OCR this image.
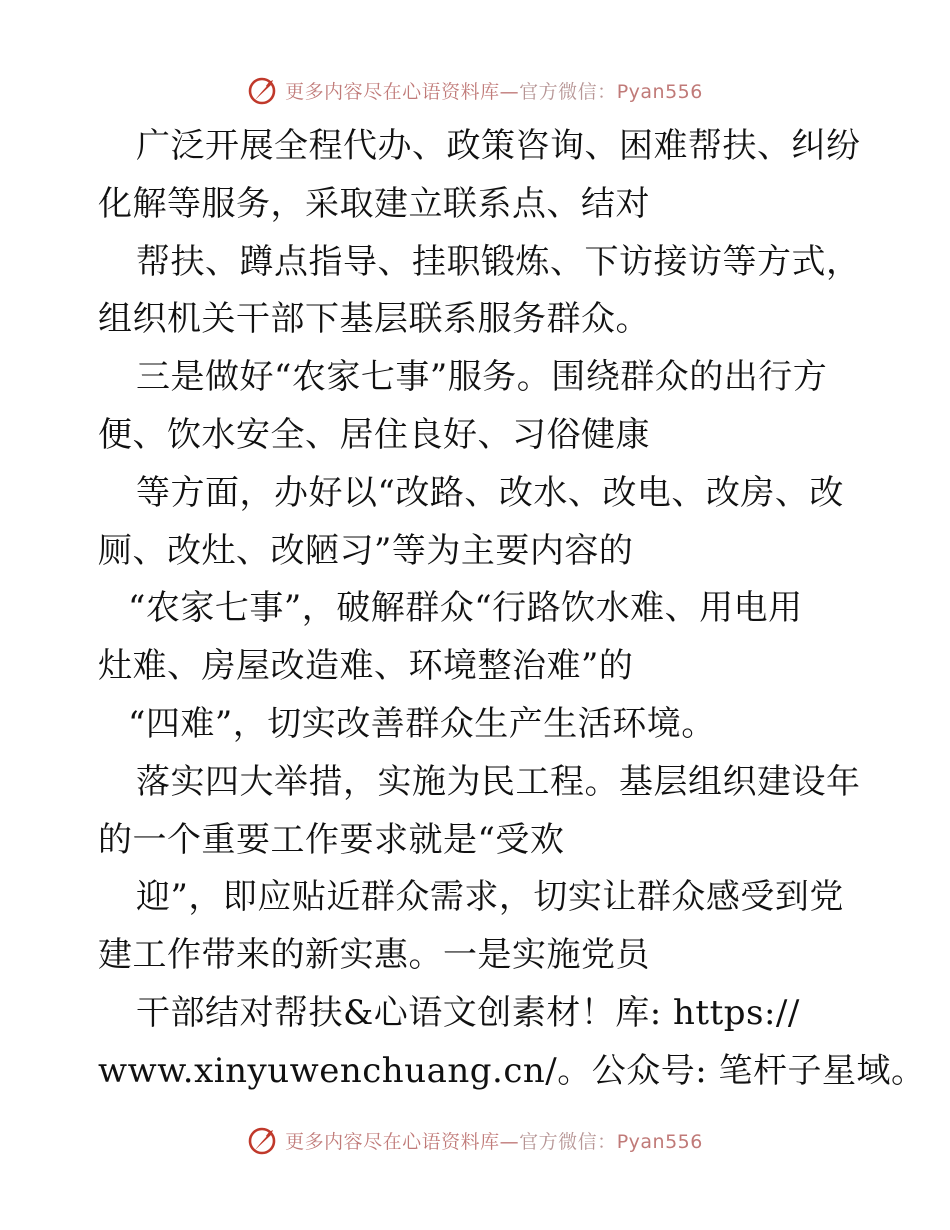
更多内容尽在心语资料库—官方微信：Pyan556
广泛开展全程代办、政策咨询、困难帮扶、纠纷
化解等服务，采取建立联系点、结对
帮扶、蹲点指导、挂职锻炼、下访接访等方式，
组织机关干部下基层联系服务群众。
三是做好“农家七事”服务。围绕群众的出行方
便、饮水安全、居住良好、习俗健康
等方面，办好以“改路、改水、改电、改房、改
厕、改灶、改陋习”等为主要内容的
“农家七事”，破解群众“行路饮水难、用电用
灶难、房屋改造难、环境整治难”的
“四难”，切实改善群众生产生活环境。
落实四大举措，实施为民工程。基层组织建设年
的一个重要工作要求就是“受欢
迎”，即应贴近群众需求，切实让群众感受到党
建工作带来的新实惠。一是实施党员
干部结对帮扶&心语文创素材！库: https://
www.xinyuwenchuang.cn/。公众号: 笔杆子星域。
更多内容尽在心语资料库—官方微信：Pyan556
